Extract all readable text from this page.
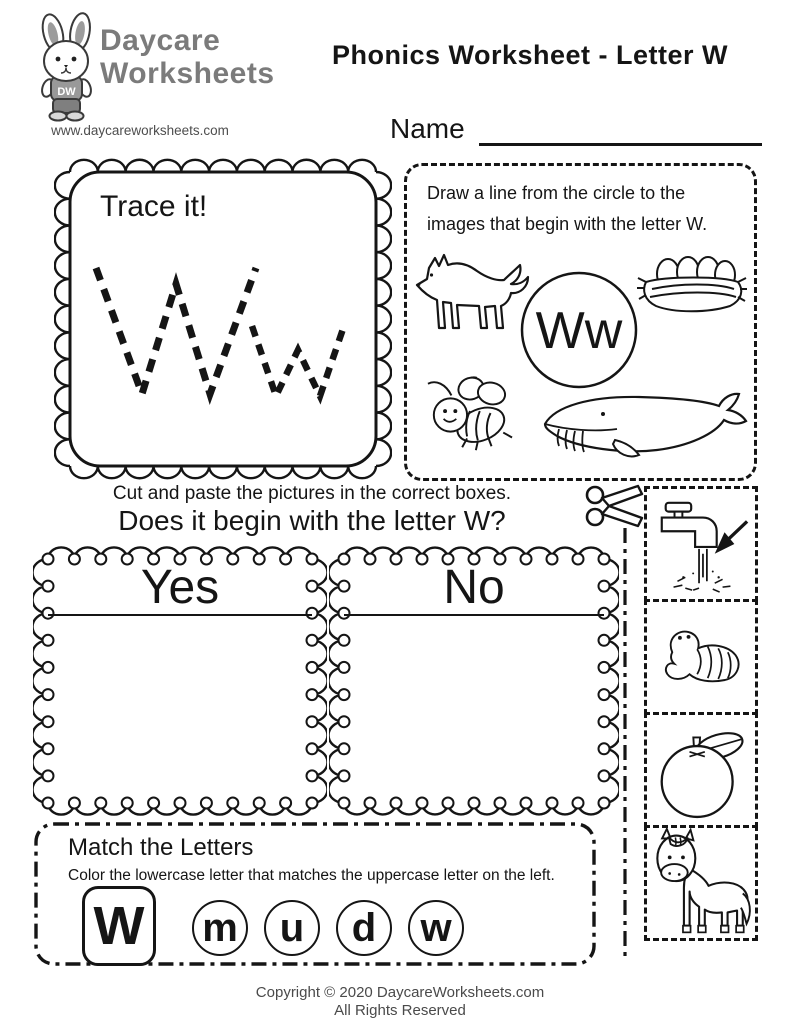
DW
Daycare
Worksheets
www.daycareworksheets.com
Phonics Worksheet - Letter W
Name
Trace it!	Draw a line from the circle to the
images that begin with the letter W.
Ww
Cut and paste the pictures in the correct boxes.
Does it begin with the letter W?
Yes	No
Match the Letters
Color the lowercase letter that matches the uppercase letter on the left.
W m	u	d	w
Copyright © 2020 DaycareWorksheets.com
All Rights Reserved
